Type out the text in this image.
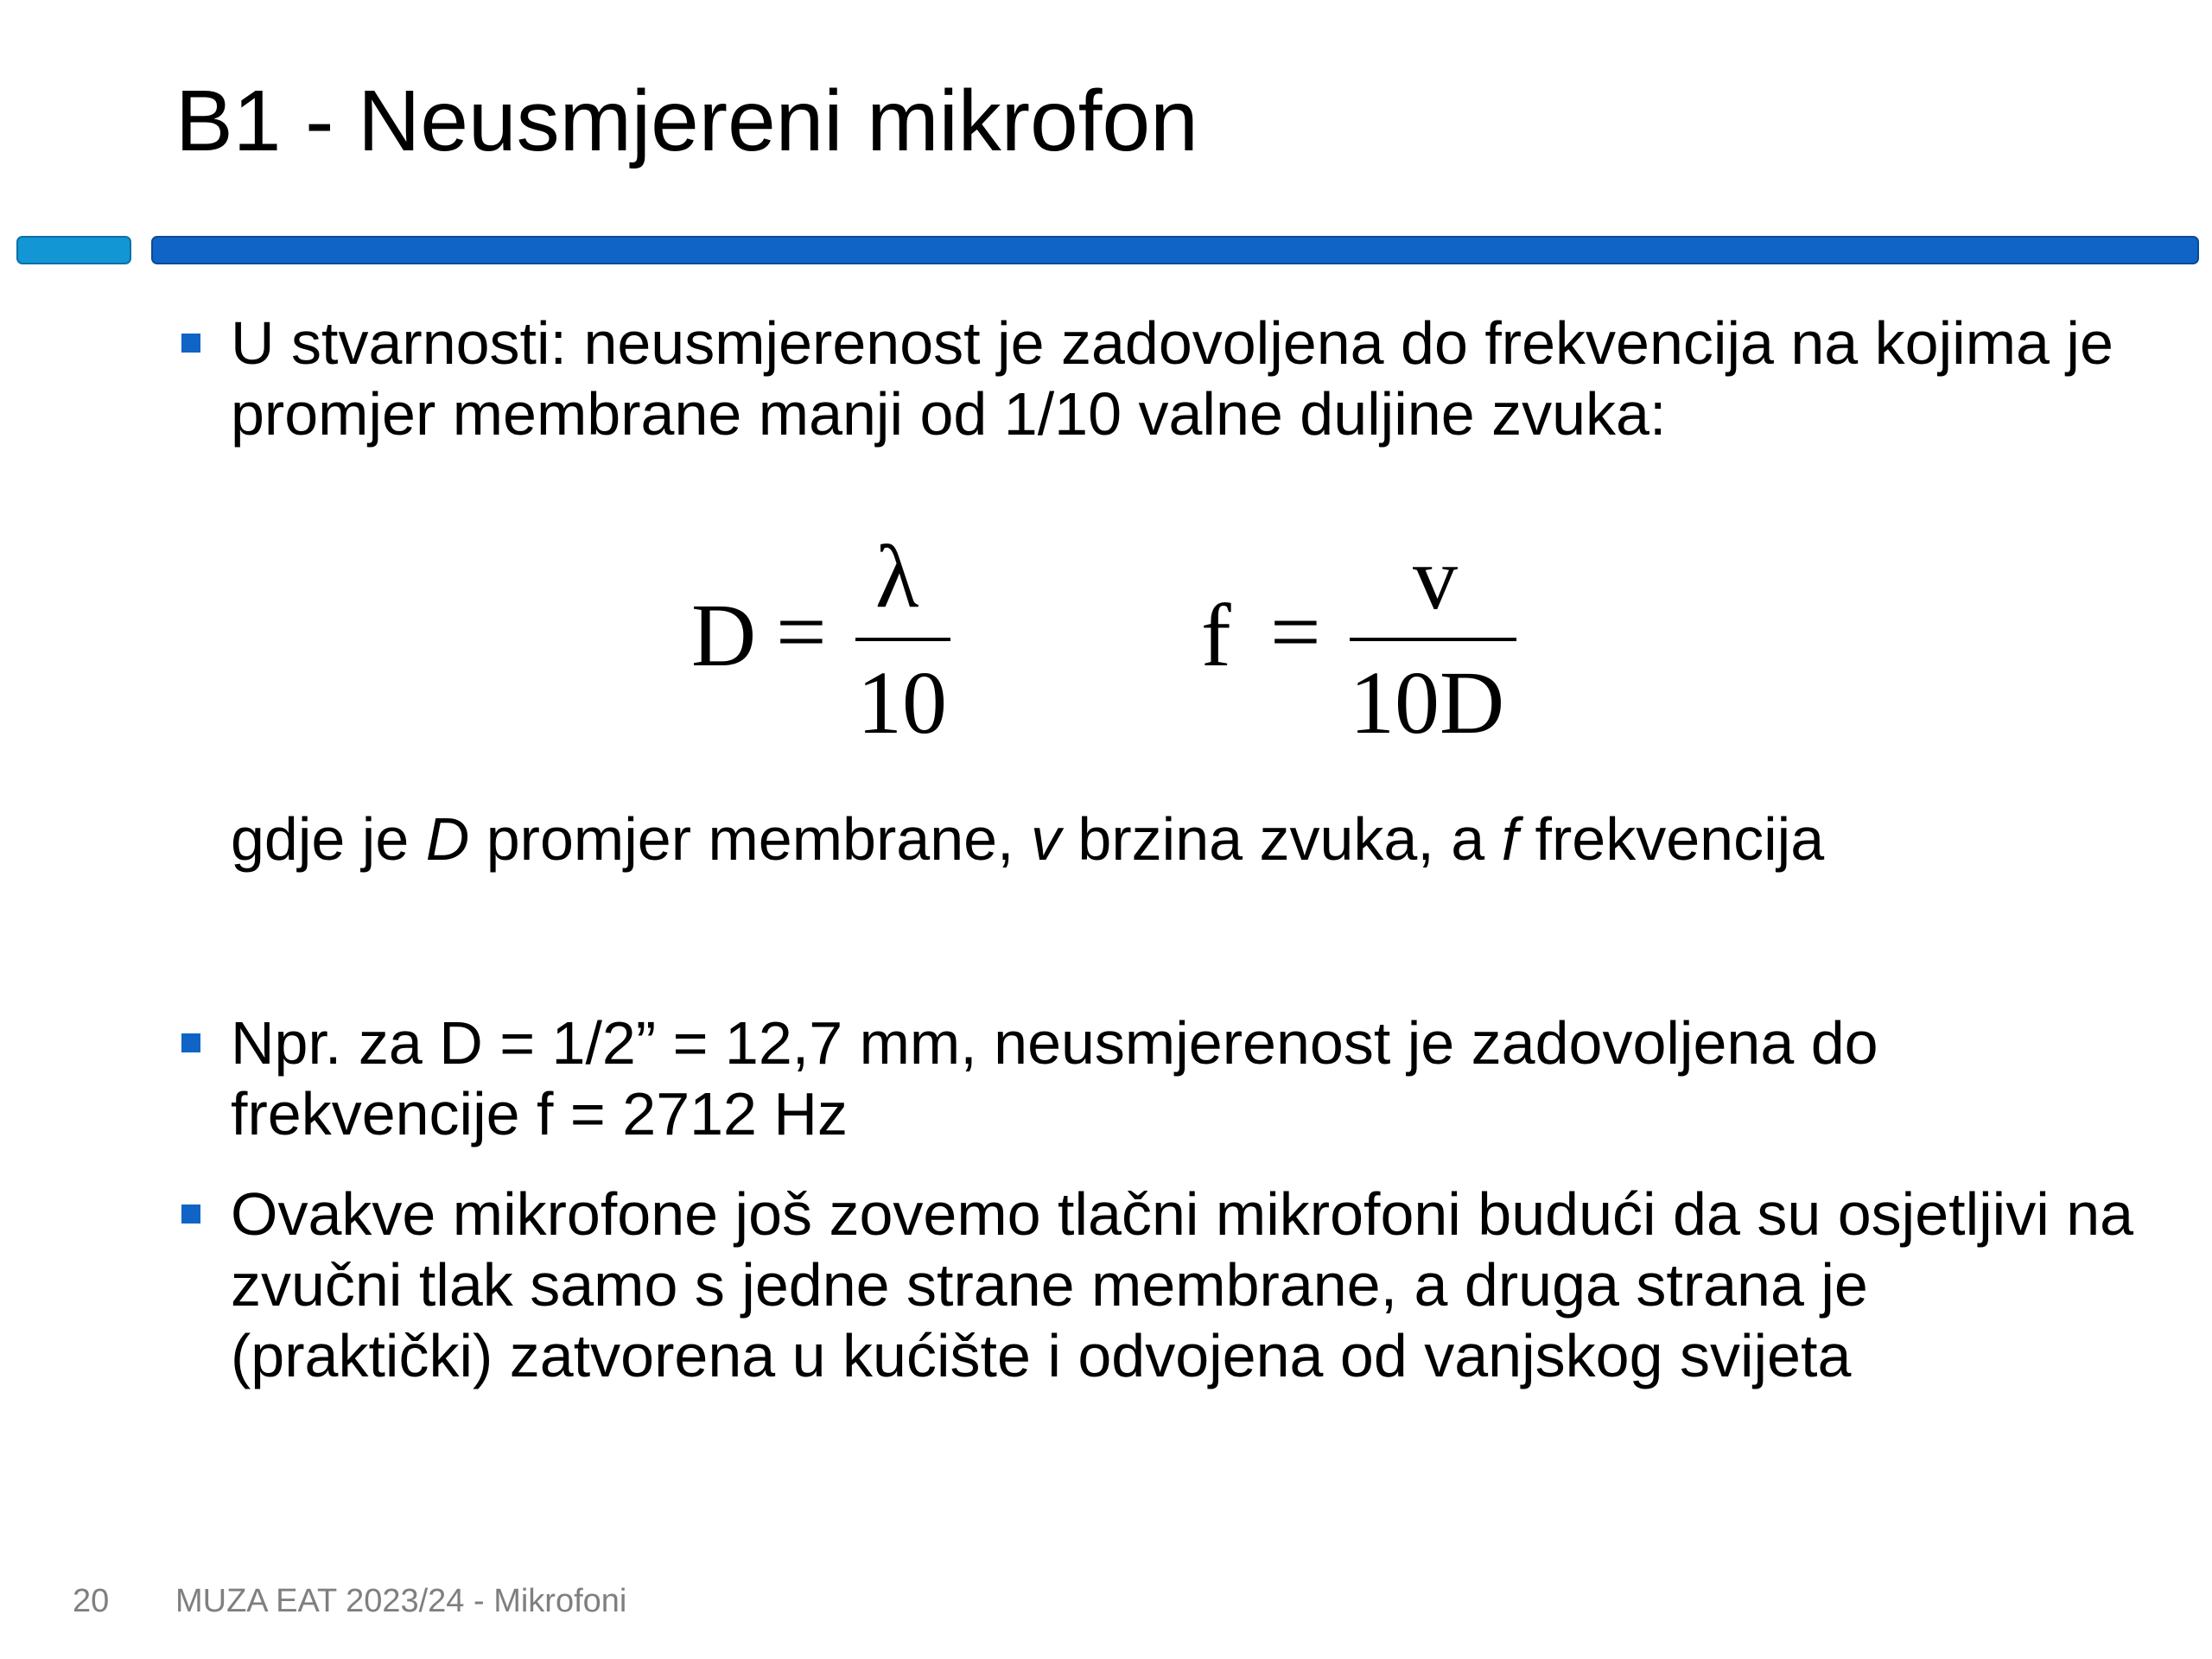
B1 - Neusmjereni mikrofon
U stvarnosti: neusmjerenost je zadovoljena do frekvencija na kojima je promjer membrane manji od 1/10 valne duljine zvuka:
D =
λ
10
f =
v
10 D
gdje je D promjer membrane, v brzina zvuka, a f frekvencija
Npr. za D = 1/2” = 12,7 mm, neusmjerenost je zadovoljena do frekvencije f = 2712 Hz
Ovakve mikrofone još zovemo tlačni mikrofoni budući da su osjetljivi na zvučni tlak samo s jedne strane membrane, a druga strana je (praktički) zatvorena u kućište i odvojena od vanjskog svijeta
20 MUZA EAT 2023/24 - Mikrofoni
